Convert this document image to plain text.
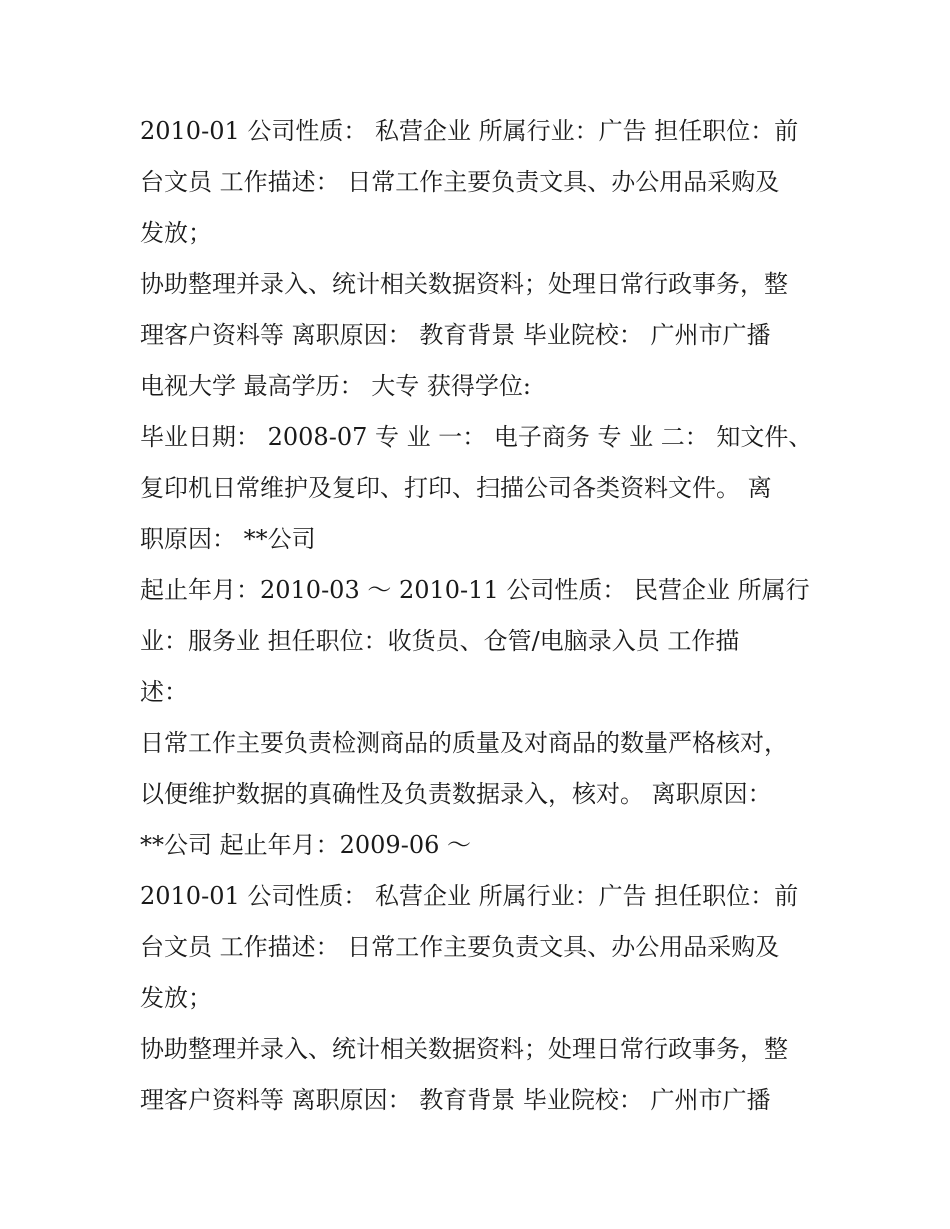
2010-01 公司性质： 私营企业 所属行业：广告 担任职位：前
台文员 工作描述： 日常工作主要负责文具、办公用品采购及
发放；
协助整理并录入、统计相关数据资料；处理日常行政事务，整
理客户资料等 离职原因： 教育背景 毕业院校： 广州市广播
电视大学 最高学历： 大专 获得学位:
毕业日期： 2008-07 专 业 一： 电子商务 专 业 二： 知文件、
复印机日常维护及复印、打印、扫描公司各类资料文件。 离
职原因： **公司
起止年月：2010-03 ～ 2010-11 公司性质： 民营企业 所属行
业：服务业 担任职位：收货员、仓管/电脑录入员 工作描
述：
日常工作主要负责检测商品的质量及对商品的数量严格核对，
以便维护数据的真确性及负责数据录入，核对。 离职原因：
**公司 起止年月：2009-06 ～
2010-01 公司性质： 私营企业 所属行业：广告 担任职位：前
台文员 工作描述： 日常工作主要负责文具、办公用品采购及
发放；
协助整理并录入、统计相关数据资料；处理日常行政事务，整
理客户资料等 离职原因： 教育背景 毕业院校： 广州市广播
